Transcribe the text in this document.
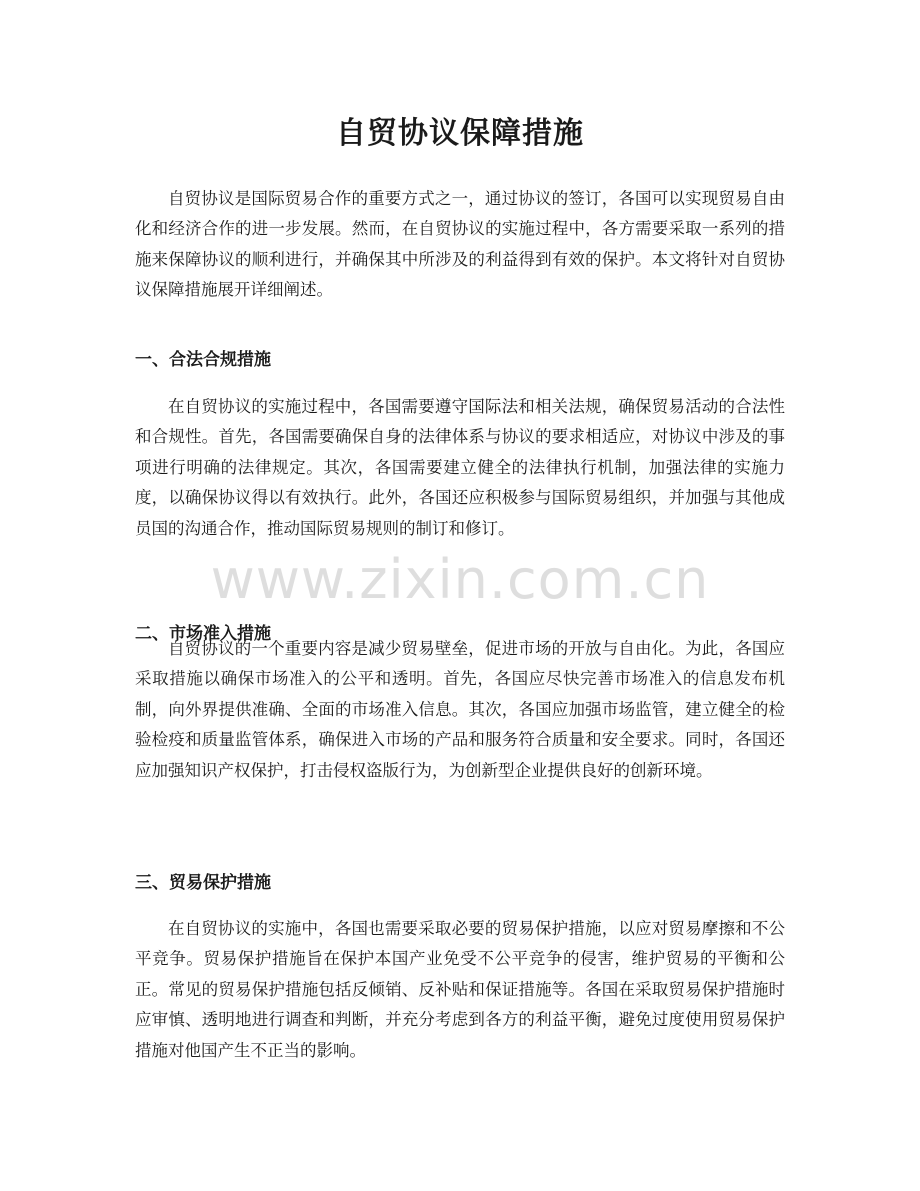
自贸协议保障措施

自贸协议是国际贸易合作的重要方式之一，通过协议的签订，各国可以实现贸易自由化和经济合作的进一步发展。然而，在自贸协议的实施过程中，各方需要采取一系列的措施来保障协议的顺利进行，并确保其中所涉及的利益得到有效的保护。本文将针对自贸协议保障措施展开详细阐述。

一、合法合规措施

在自贸协议的实施过程中，各国需要遵守国际法和相关法规，确保贸易活动的合法性和合规性。首先，各国需要确保自身的法律体系与协议的要求相适应，对协议中涉及的事项进行明确的法律规定。其次，各国需要建立健全的法律执行机制，加强法律的实施力度，以确保协议得以有效执行。此外，各国还应积极参与国际贸易组织，并加强与其他成员国的沟通合作，推动国际贸易规则的制订和修订。

二、市场准入措施

自贸协议的一个重要内容是减少贸易壁垒，促进市场的开放与自由化。为此，各国应采取措施以确保市场准入的公平和透明。首先，各国应尽快完善市场准入的信息发布机制，向外界提供准确、全面的市场准入信息。其次，各国应加强市场监管，建立健全的检验检疫和质量监管体系，确保进入市场的产品和服务符合质量和安全要求。同时，各国还应加强知识产权保护，打击侵权盗版行为，为创新型企业提供良好的创新环境。

三、贸易保护措施

在自贸协议的实施中，各国也需要采取必要的贸易保护措施，以应对贸易摩擦和不公平竞争。贸易保护措施旨在保护本国产业免受不公平竞争的侵害，维护贸易的平衡和公正。常见的贸易保护措施包括反倾销、反补贴和保证措施等。各国在采取贸易保护措施时应审慎、透明地进行调查和判断，并充分考虑到各方的利益平衡，避免过度使用贸易保护措施对他国产生不正当的影响。

www.zixin.com.cn
